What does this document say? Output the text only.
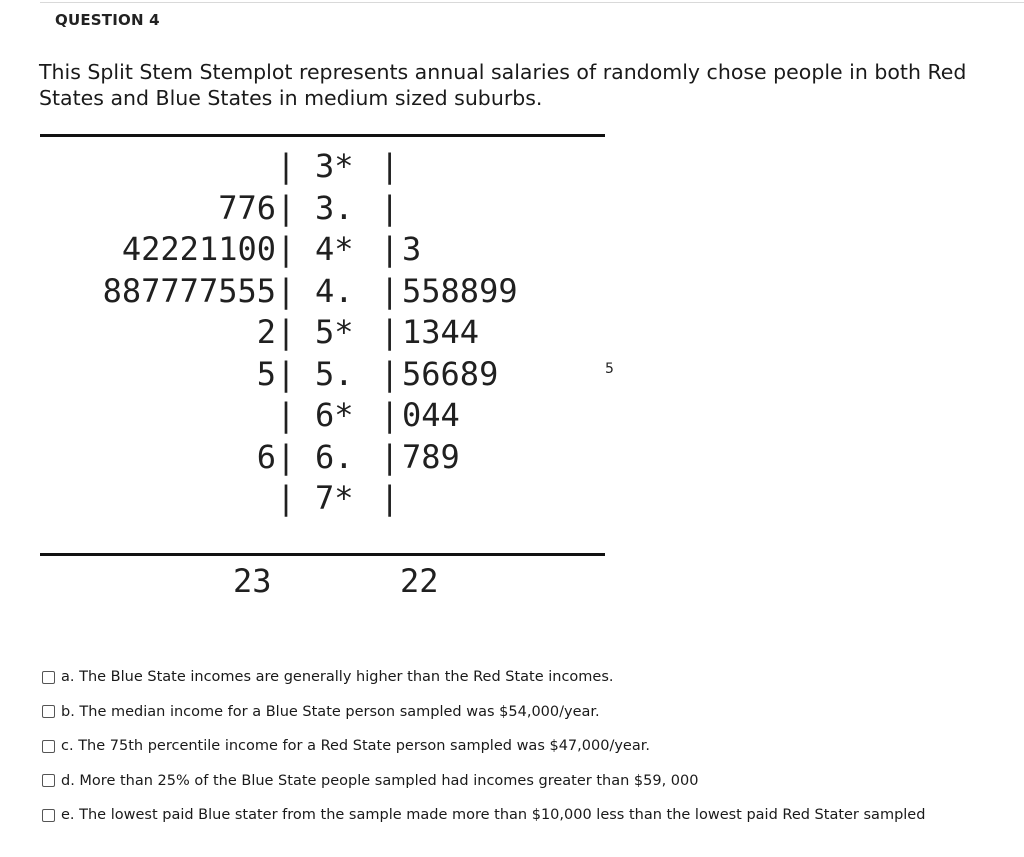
QUESTION 4
This Split Stem Stemplot represents annual salaries of randomly chose people in both Red States and Blue States in medium sized suburbs.
| 3* |
776 | 3. |
42221100 | 4* | 3
887777555 | 4. | 558899
2 | 5* | 1344
5 | 5. | 56689
| 6* | 044
6 | 6. | 789
| 7* |
23	22
5
a. The Blue State incomes are generally higher than the Red State incomes.
b. The median income for a Blue State person sampled was $54,000/year.
c. The 75th percentile income for a Red State person sampled was $47,000/year.
d. More than 25% of the Blue State people sampled had incomes greater than $59, 000
e. The lowest paid Blue stater from the sample made more than $10,000 less than the lowest paid Red Stater sampled
